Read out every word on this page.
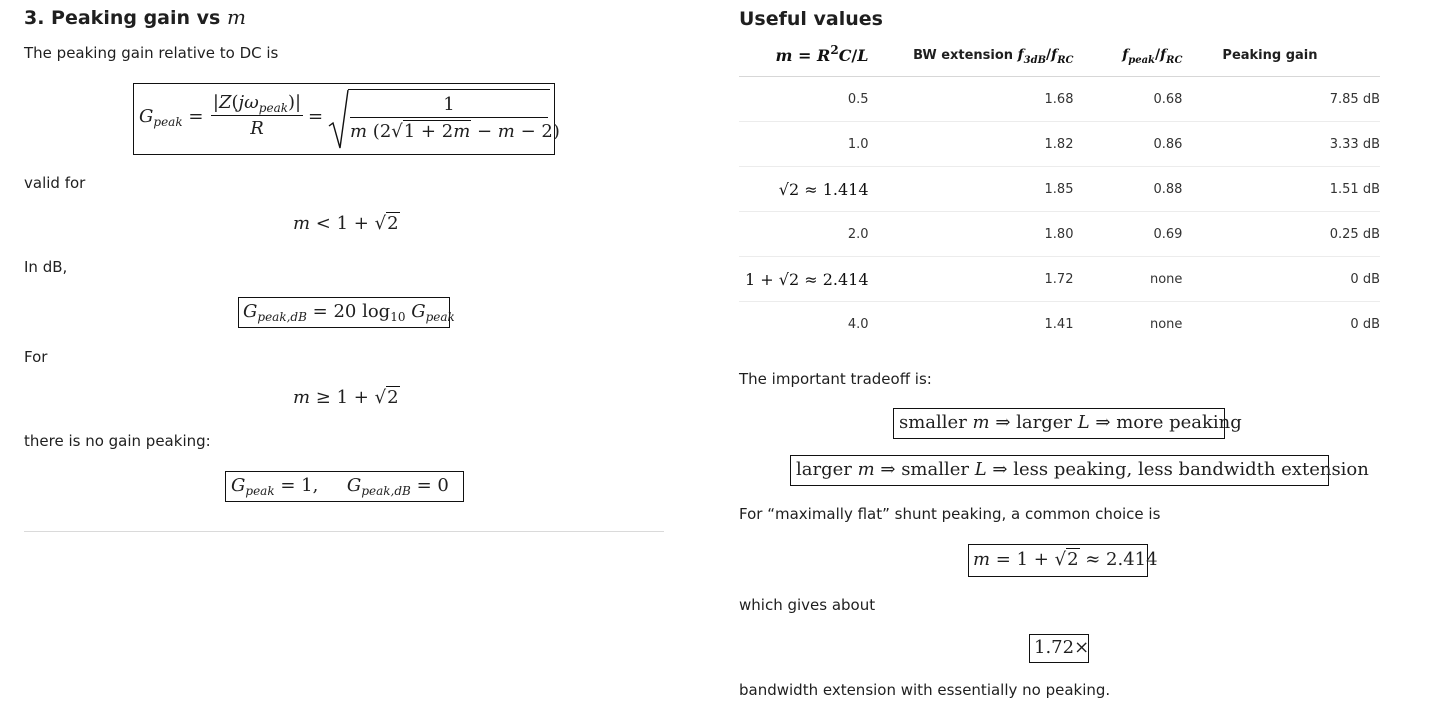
3. Peaking gain vs m
The peaking gain relative to DC is
$G_{peak}$ =
$|Z(j\omega_{peak})|$
R
=
1
m (2√1 + 2m − m − 2)
valid for
m < 1 + √2
In dB,
$G_{peak,dB} = 20$ $\log_{10} G_{peak}$
For
m ≥ 1 + √2
there is no gain peaking:
$G_{peak} = 1$,     $G_{peak,dB} = 0$
Useful values
$m = R^2C/L$	BW extension $f_{3dB}/f_{RC}$	$f_{peak}/f_{RC}$	Peaking gain
0.5	1.68	0.68	7.85 dB
1.0	1.82	0.86	3.33 dB
√2 ≈ 1.414	1.85	0.88	1.51 dB
2.0	1.80	0.69	0.25 dB
1 + √2 ≈ 2.414	1.72	none	0 dB
4.0	1.41	none	0 dB
The important tradeoff is:
smaller m ⇒ larger L ⇒ more peaking
larger m ⇒ smaller L ⇒ less peaking, less bandwidth extension
For “maximally flat” shunt peaking, a common choice is
m = 1 + √2 ≈ 2.414
which gives about
1.72×
bandwidth extension with essentially no peaking.
